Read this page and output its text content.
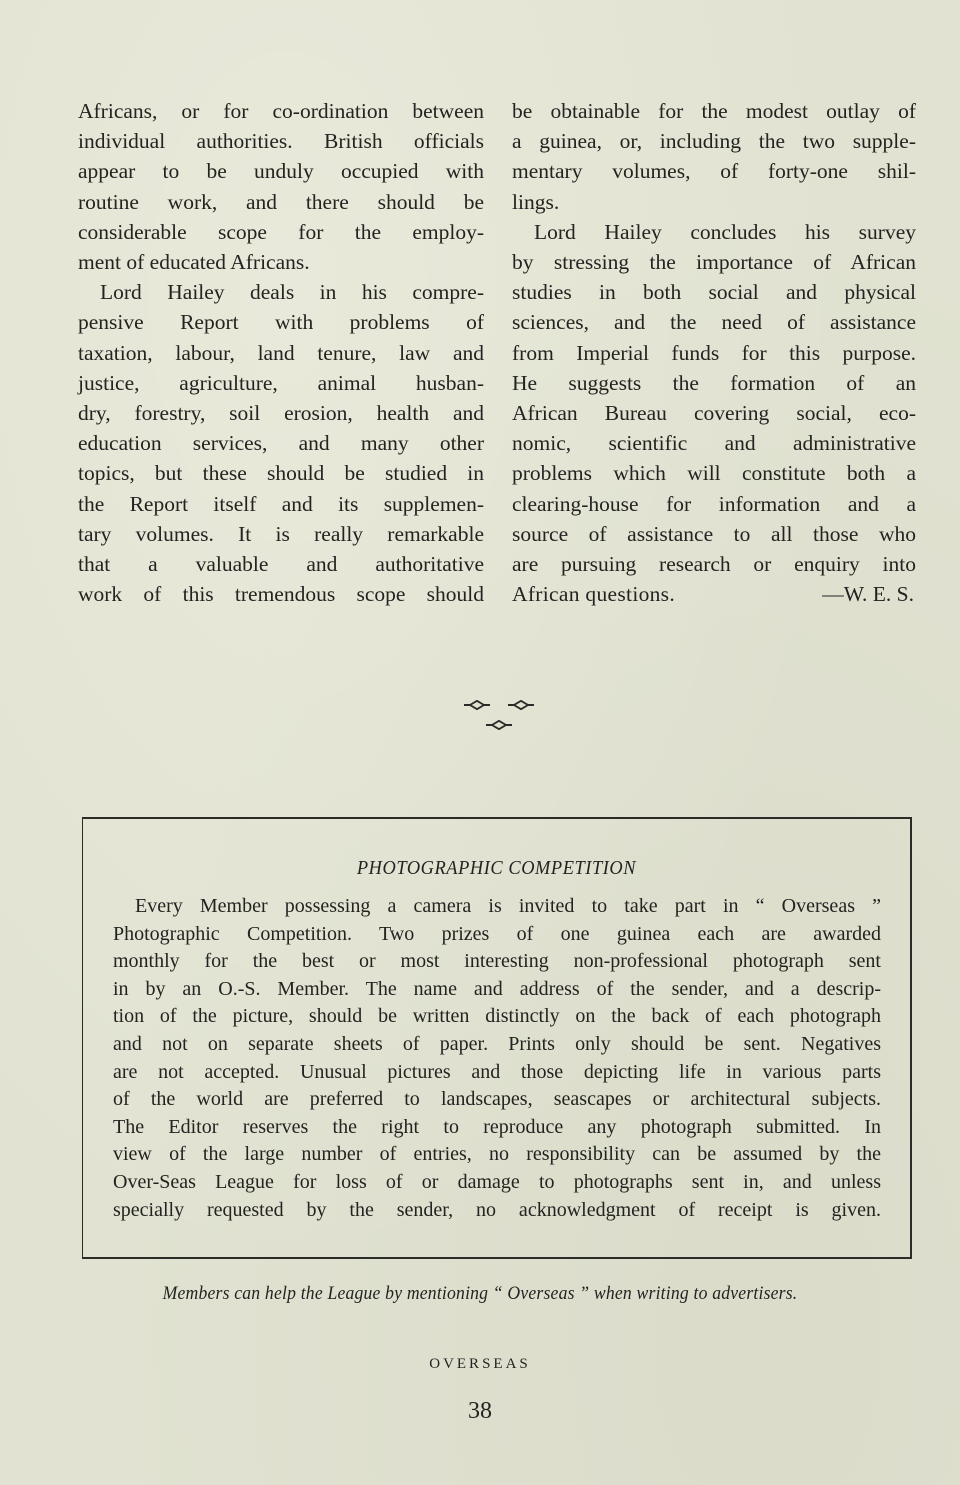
Africans, or for co-ordination between
individual authorities. British officials
appear to be unduly occupied with
routine work, and there should be
considerable scope for the employ-
ment of educated Africans.

Lord Hailey deals in his compre-
pensive Report with problems of
taxation, labour, land tenure, law and
justice, agriculture, animal husban-
dry, forestry, soil erosion, health and
education services, and many other
topics, but these should be studied in
the Report itself and its supplemen-
tary volumes. It is really remarkable
that a valuable and authoritative
work of this tremendous scope should

be obtainable for the modest outlay of
a guinea, or, including the two supple-
mentary volumes, of forty-one shil-
lings.

Lord Hailey concludes his survey
by stressing the importance of African
studies in both social and physical
sciences, and the need of assistance
from Imperial funds for this purpose.
He suggests the formation of an
African Bureau covering social, eco-
nomic, scientific and administrative
problems which will constitute both a
clearing-house for information and a
source of assistance to all those who
are pursuing research or enquiry into
African questions.	—W. E. S.

PHOTOGRAPHIC COMPETITION
Every Member possessing a camera is invited to take part in “ Overseas ”
Photographic Competition. Two prizes of one guinea each are awarded
monthly for the best or most interesting non-professional photograph sent
in by an O.-S. Member. The name and address of the sender, and a descrip-
tion of the picture, should be written distinctly on the back of each photograph
and not on separate sheets of paper. Prints only should be sent. Negatives
are not accepted. Unusual pictures and those depicting life in various parts
of the world are preferred to landscapes, seascapes or architectural subjects.
The Editor reserves the right to reproduce any photograph submitted. In
view of the large number of entries, no responsibility can be assumed by the
Over-Seas League for loss of or damage to photographs sent in, and unless
specially requested by the sender, no acknowledgment of receipt is given.
Members can help the League by mentioning “ Overseas ” when writing to advertisers.
OVERSEAS
38
